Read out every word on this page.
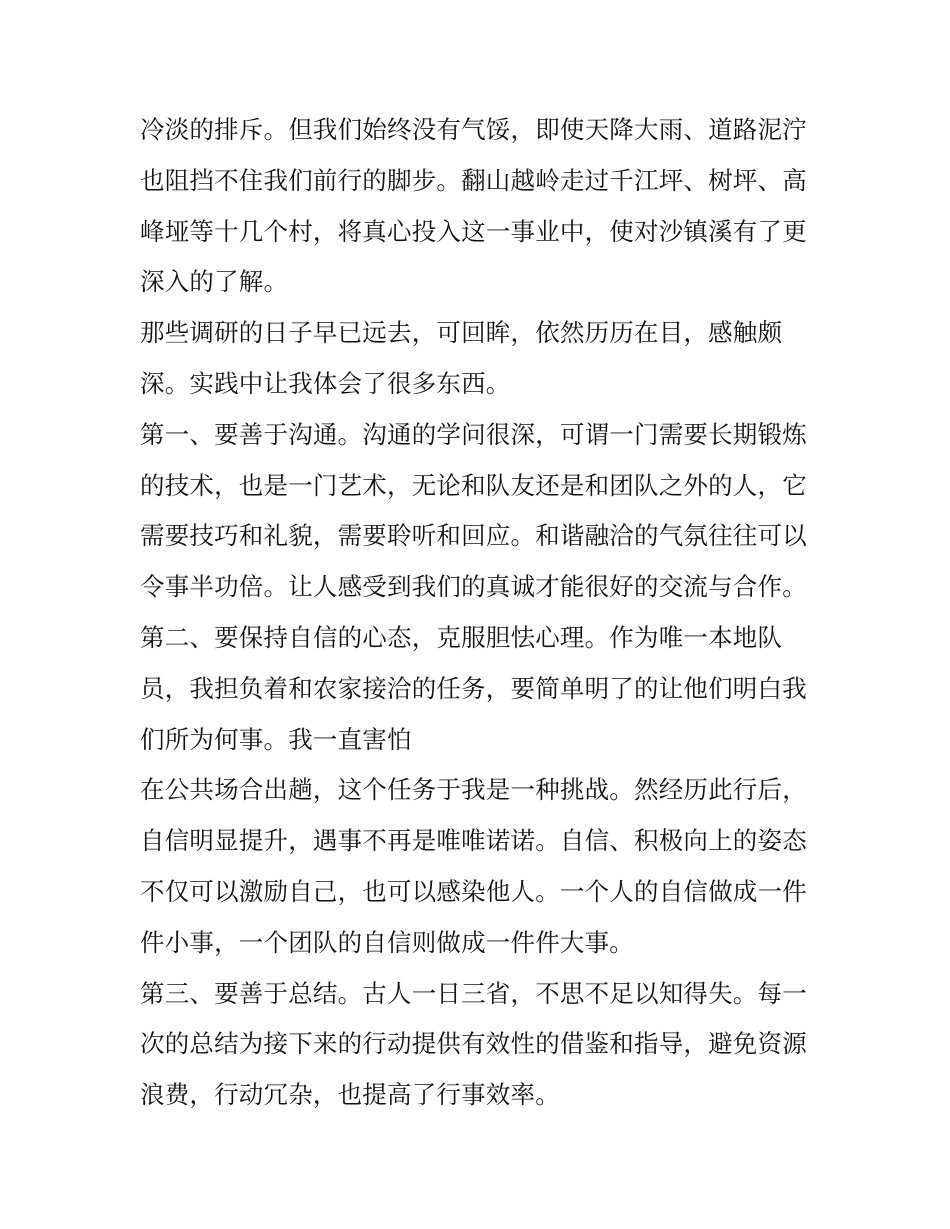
冷淡的排斥。但我们始终没有气馁，即使天降大雨、道路泥泞
也阻挡不住我们前行的脚步。翻山越岭走过千江坪、树坪、高
峰垭等十几个村，将真心投入这一事业中，使对沙镇溪有了更
深入的了解。
那些调研的日子早已远去，可回眸，依然历历在目，感触颇
深。实践中让我体会了很多东西。
第一、要善于沟通。沟通的学问很深，可谓一门需要长期锻炼
的技术，也是一门艺术，无论和队友还是和团队之外的人，它
需要技巧和礼貌，需要聆听和回应。和谐融洽的气氛往往可以
令事半功倍。让人感受到我们的真诚才能很好的交流与合作。
第二、要保持自信的心态，克服胆怯心理。作为唯一本地队
员，我担负着和农家接洽的任务，要简单明了的让他们明白我
们所为何事。我一直害怕
在公共场合出趟，这个任务于我是一种挑战。然经历此行后，
自信明显提升，遇事不再是唯唯诺诺。自信、积极向上的姿态
不仅可以激励自己，也可以感染他人。一个人的自信做成一件
件小事，一个团队的自信则做成一件件大事。
第三、要善于总结。古人一日三省，不思不足以知得失。每一
次的总结为接下来的行动提供有效性的借鉴和指导，避免资源
浪费，行动冗杂，也提高了行事效率。
